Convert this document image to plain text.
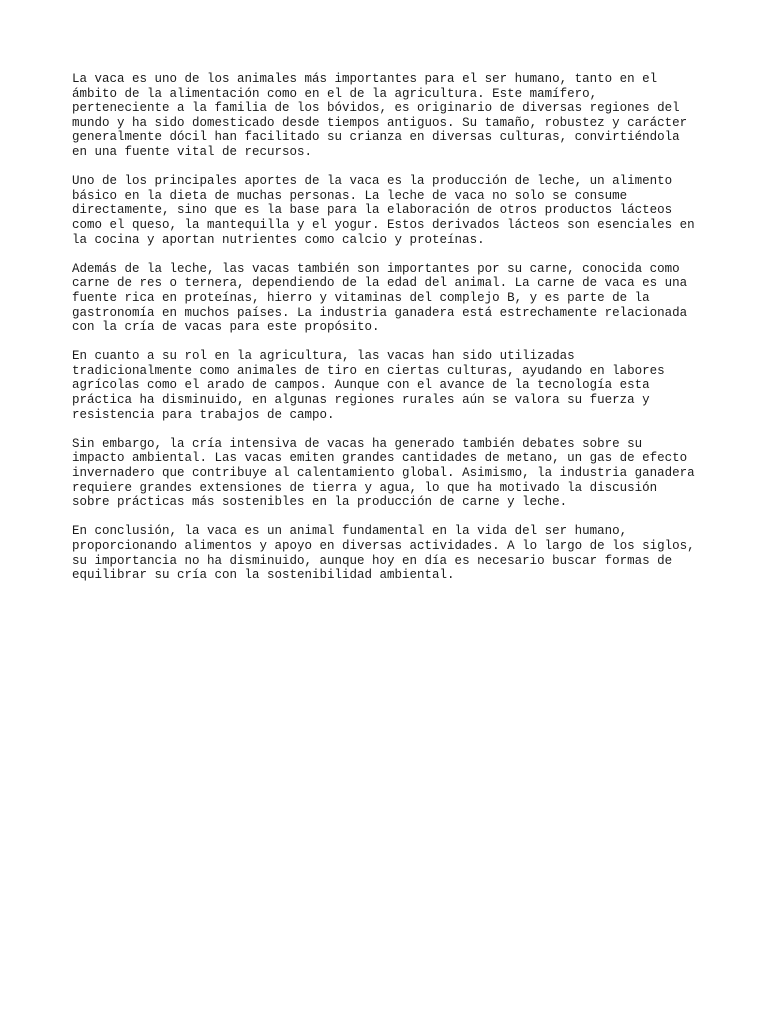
La vaca es uno de los animales más importantes para el ser humano, tanto en el
ámbito de la alimentación como en el de la agricultura. Este mamífero,
perteneciente a la familia de los bóvidos, es originario de diversas regiones del
mundo y ha sido domesticado desde tiempos antiguos. Su tamaño, robustez y carácter
generalmente dócil han facilitado su crianza en diversas culturas, convirtiéndola
en una fuente vital de recursos.

Uno de los principales aportes de la vaca es la producción de leche, un alimento
básico en la dieta de muchas personas. La leche de vaca no solo se consume
directamente, sino que es la base para la elaboración de otros productos lácteos
como el queso, la mantequilla y el yogur. Estos derivados lácteos son esenciales en
la cocina y aportan nutrientes como calcio y proteínas.

Además de la leche, las vacas también son importantes por su carne, conocida como
carne de res o ternera, dependiendo de la edad del animal. La carne de vaca es una
fuente rica en proteínas, hierro y vitaminas del complejo B, y es parte de la
gastronomía en muchos países. La industria ganadera está estrechamente relacionada
con la cría de vacas para este propósito.

En cuanto a su rol en la agricultura, las vacas han sido utilizadas
tradicionalmente como animales de tiro en ciertas culturas, ayudando en labores
agrícolas como el arado de campos. Aunque con el avance de la tecnología esta
práctica ha disminuido, en algunas regiones rurales aún se valora su fuerza y
resistencia para trabajos de campo.

Sin embargo, la cría intensiva de vacas ha generado también debates sobre su
impacto ambiental. Las vacas emiten grandes cantidades de metano, un gas de efecto
invernadero que contribuye al calentamiento global. Asimismo, la industria ganadera
requiere grandes extensiones de tierra y agua, lo que ha motivado la discusión
sobre prácticas más sostenibles en la producción de carne y leche.

En conclusión, la vaca es un animal fundamental en la vida del ser humano,
proporcionando alimentos y apoyo en diversas actividades. A lo largo de los siglos,
su importancia no ha disminuido, aunque hoy en día es necesario buscar formas de
equilibrar su cría con la sostenibilidad ambiental.
